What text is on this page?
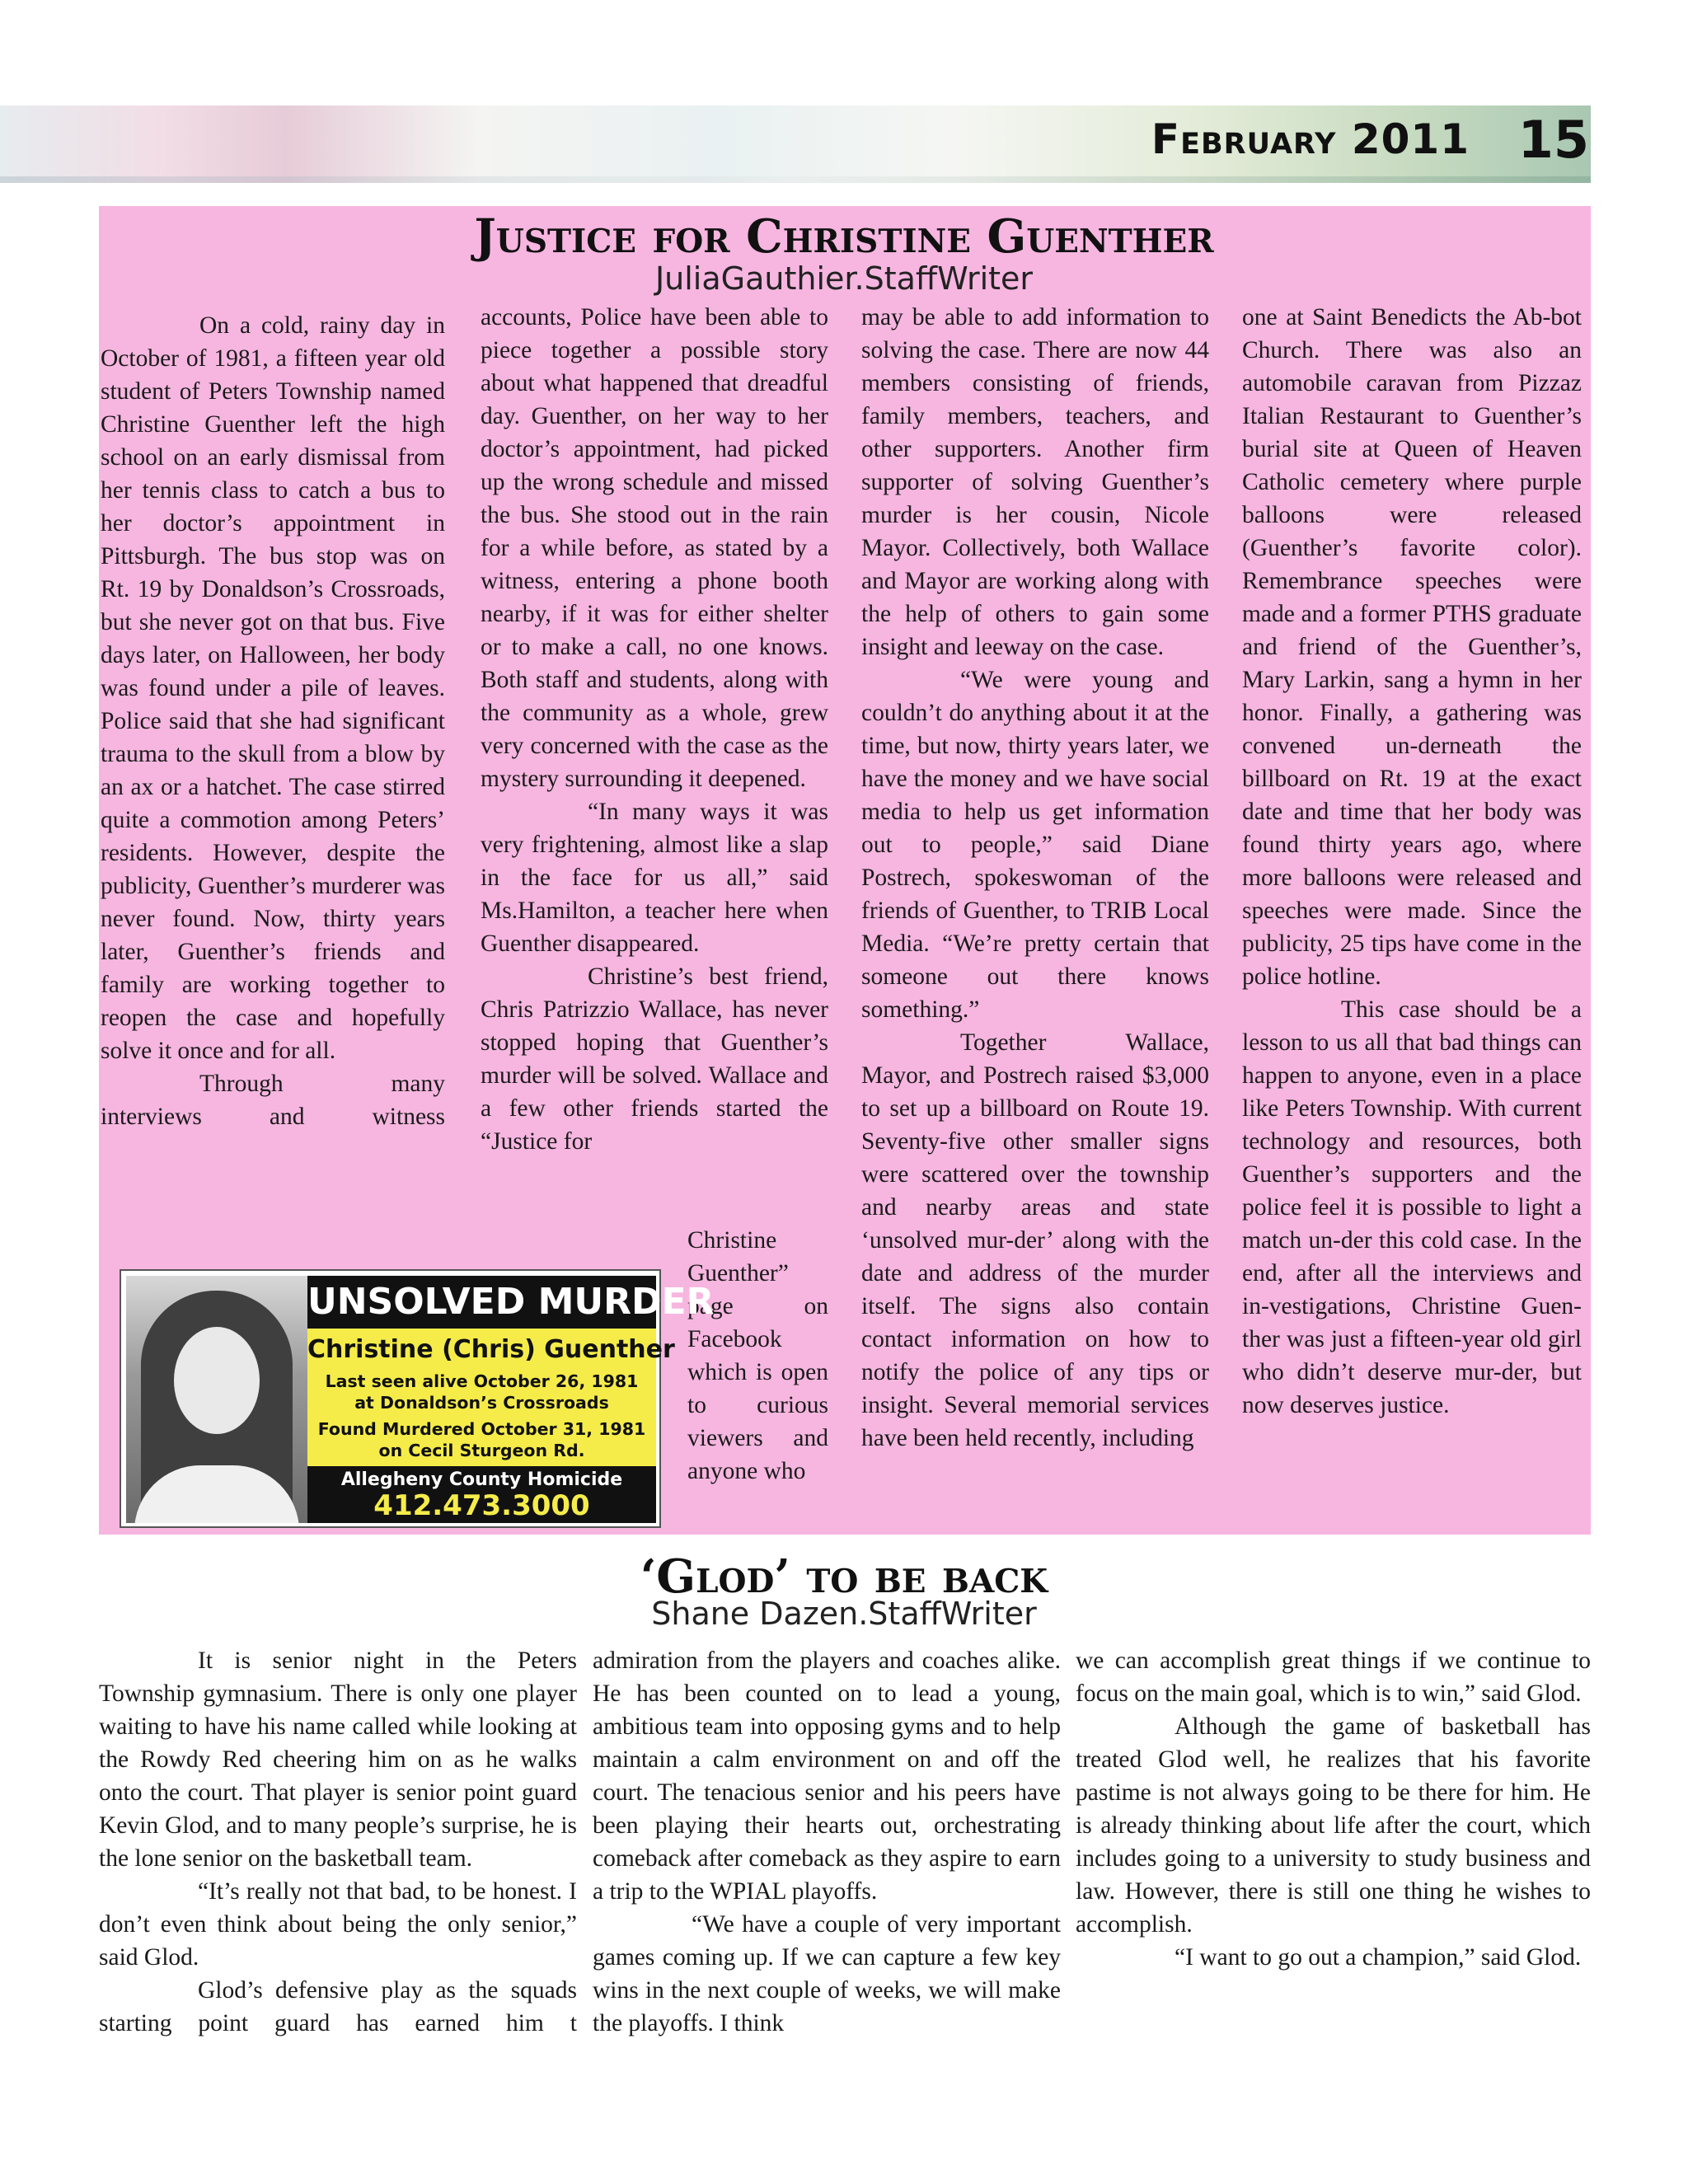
February 2011 15
Justice for Christine Guenther
JuliaGauthier.StaffWriter

On a cold, rainy day in October of 1981, a fifteen year old student of Peters Township named Christine Guenther left the high school on an early dismissal from her tennis class to catch a bus to her doctor’s appointment in Pittsburgh. The bus stop was on Rt. 19 by Donaldson’s Crossroads, but she never got on that bus. Five days later, on Halloween, her body was found under a pile of leaves. Police said that she had significant trauma to the skull from a blow by an ax or a hatchet. The case stirred quite a commotion among Peters’ residents. However, despite the publicity, Guenther’s murderer was never found. Now, thirty years later, Guenther’s friends and family are working together to reopen the case and hopefully solve it once and for all.

Through many interviews and witness

accounts, Police have been able to piece together a possible story about what happened that dreadful day. Guenther, on her way to her doctor’s appointment, had picked up the wrong schedule and missed the bus. She stood out in the rain for a while before, as stated by a witness, entering a phone booth nearby, if it was for either shelter or to make a call, no one knows. Both staff and students, along with the community as a whole, grew very concerned with the case as the mystery surrounding it deepened.

“In many ways it was very frightening, almost like a slap in the face for us all,” said Ms.Hamilton, a teacher here when Guenther disappeared.

Christine’s best friend, Chris Patrizzio Wallace, has never stopped hoping that Guenther’s murder will be solved. Wallace and a few other friends started the “Justice for

Christine Guenther” page on Facebook which is open to curious viewers and anyone who

may be able to add information to solving the case. There are now 44 members consisting of friends, family members, teachers, and other supporters. Another firm supporter of solving Guenther’s murder is her cousin, Nicole Mayor. Collectively, both Wallace and Mayor are working along with the help of others to gain some insight and leeway on the case.

“We were young and couldn’t do anything about it at the time, but now, thirty years later, we have the money and we have social media to help us get information out to people,” said Diane Postrech, spokeswoman of the friends of Guenther, to TRIB Local Media. “We’re pretty certain that someone out there knows something.”

Together Wallace, Mayor, and Postrech raised $3,000 to set up a billboard on Route 19. Seventy-five other smaller signs were scattered over the township and nearby areas and state ‘unsolved mur-der’ along with the date and address of the murder itself. The signs also contain contact information on how to notify the police of any tips or insight. Several memorial services have been held recently, including

one at Saint Benedicts the Ab-bot Church. There was also an automobile caravan from Pizzaz Italian Restaurant to Guenther’s burial site at Queen of Heaven Catholic cemetery where purple balloons were released (Guenther’s favorite color). Remembrance speeches were made and a former PTHS graduate and friend of the Guenther’s, Mary Larkin, sang a hymn in her honor. Finally, a gathering was convened un-derneath the billboard on Rt. 19 at the exact date and time that her body was found thirty years ago, where more balloons were released and speeches were made. Since the publicity, 25 tips have come in the police hotline.

This case should be a lesson to us all that bad things can happen to anyone, even in a place like Peters Township. With current technology and resources, both Guenther’s supporters and the police feel it is possible to light a match un-der this cold case. In the end, after all the interviews and in-vestigations, Christine Guen-ther was just a fifteen-year old girl who didn’t deserve mur-der, but now deserves justice.

UNSOLVED MURDER
Christine (Chris) Guenther
Last seen alive October 26, 1981
at Donaldson’s Crossroads
Found Murdered October 31, 1981
on Cecil Sturgeon Rd.
Allegheny County Homicide
412.473.3000
‘Glod’ to be back
Shane Dazen.StaffWriter

It is senior night in the Peters Township gymnasium. There is only one player waiting to have his name called while looking at the Rowdy Red cheering him on as he walks onto the court. That player is senior point guard Kevin Glod, and to many people’s surprise, he is the lone senior on the basketball team.

“It’s really not that bad, to be honest. I don’t even think about being the only senior,” said Glod.

Glod’s defensive play as the squads starting point guard has earned him t

admiration from the players and coaches alike. He has been counted on to lead a young, ambitious team into opposing gyms and to help maintain a calm environment on and off the court. The tenacious senior and his peers have been playing their hearts out, orchestrating comeback after comeback as they aspire to earn a trip to the WPIAL playoffs.

“We have a couple of very important games coming up. If we can capture a few key wins in the next couple of weeks, we will make the playoffs. I think

we can accomplish great things if we continue to focus on the main goal, which is to win,” said Glod.

Although the game of basketball has treated Glod well, he realizes that his favorite pastime is not always going to be there for him. He is already thinking about life after the court, which includes going to a university to study business and law. However, there is still one thing he wishes to accomplish.

“I want to go out a champion,” said Glod.
